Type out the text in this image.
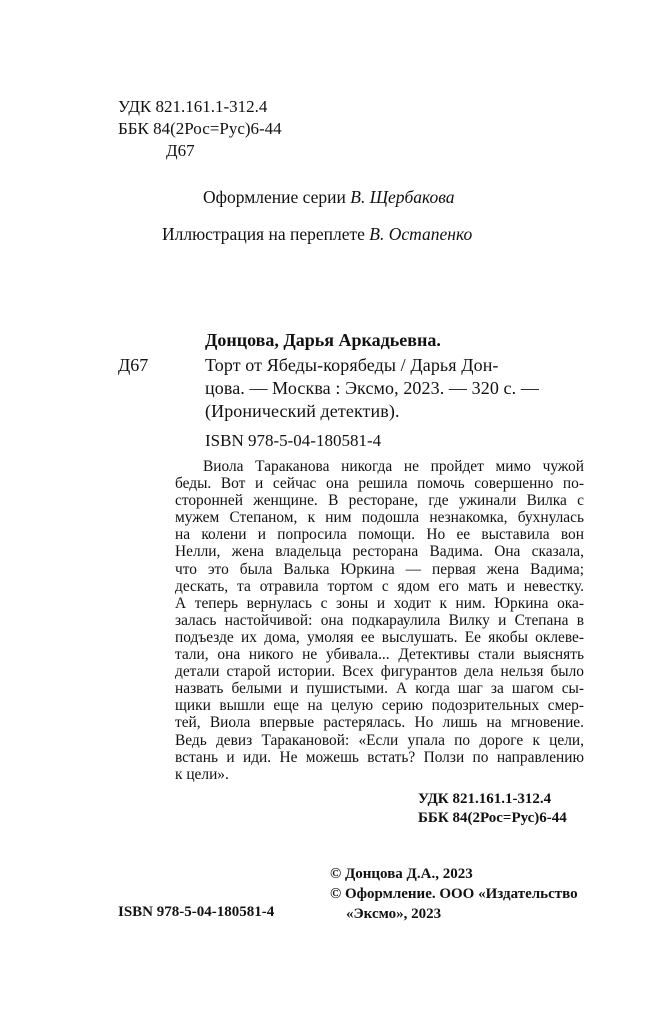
УДК 821.161.1-312.4
ББК 84(2Рос=Рус)6-44
Д67
Оформление серии В. Щербакова
Иллюстрация на переплете В. Остапенко
Донцова, Дарья Аркадьевна.
Д67	Торт от Ябеды-корябеды / Дарья Дон-
цова. — Москва : Эксмо, 2023. — 320 с. —
(Иронический детектив).
ISBN 978-5-04-180581-4
Виола Тараканова никогда не пройдет мимо чужой
беды. Вот и сейчас она решила помочь совершенно по-
сторонней женщине. В ресторане, где ужинали Вилка с
мужем Степаном, к ним подошла незнакомка, бухнулась
на колени и попросила помощи. Но ее выставила вон
Нелли, жена владельца ресторана Вадима. Она сказала,
что это была Валька Юркина — первая жена Вадима;
дескать, та отравила тортом с ядом его мать и невестку.
А теперь вернулась с зоны и ходит к ним. Юркина ока-
залась настойчивой: она подкараулила Вилку и Степана в
подъезде их дома, умоляя ее выслушать. Ее якобы оклеве-
тали, она никого не убивала... Детективы стали выяснять
детали старой истории. Всех фигурантов дела нельзя было
назвать белыми и пушистыми. А когда шаг за шагом сы-
щики вышли еще на целую серию подозрительных смер-
тей, Виола впервые растерялась. Но лишь на мгновение.
Ведь девиз Таракановой: «Если упала по дороге к цели,
встань и иди. Не можешь встать? Ползи по направлению
к цели».
УДК 821.161.1-312.4
ББК 84(2Рос=Рус)6-44
© Донцова Д.А., 2023
© Оформление. ООО «Издательство
«Эксмо», 2023
ISBN 978-5-04-180581-4
